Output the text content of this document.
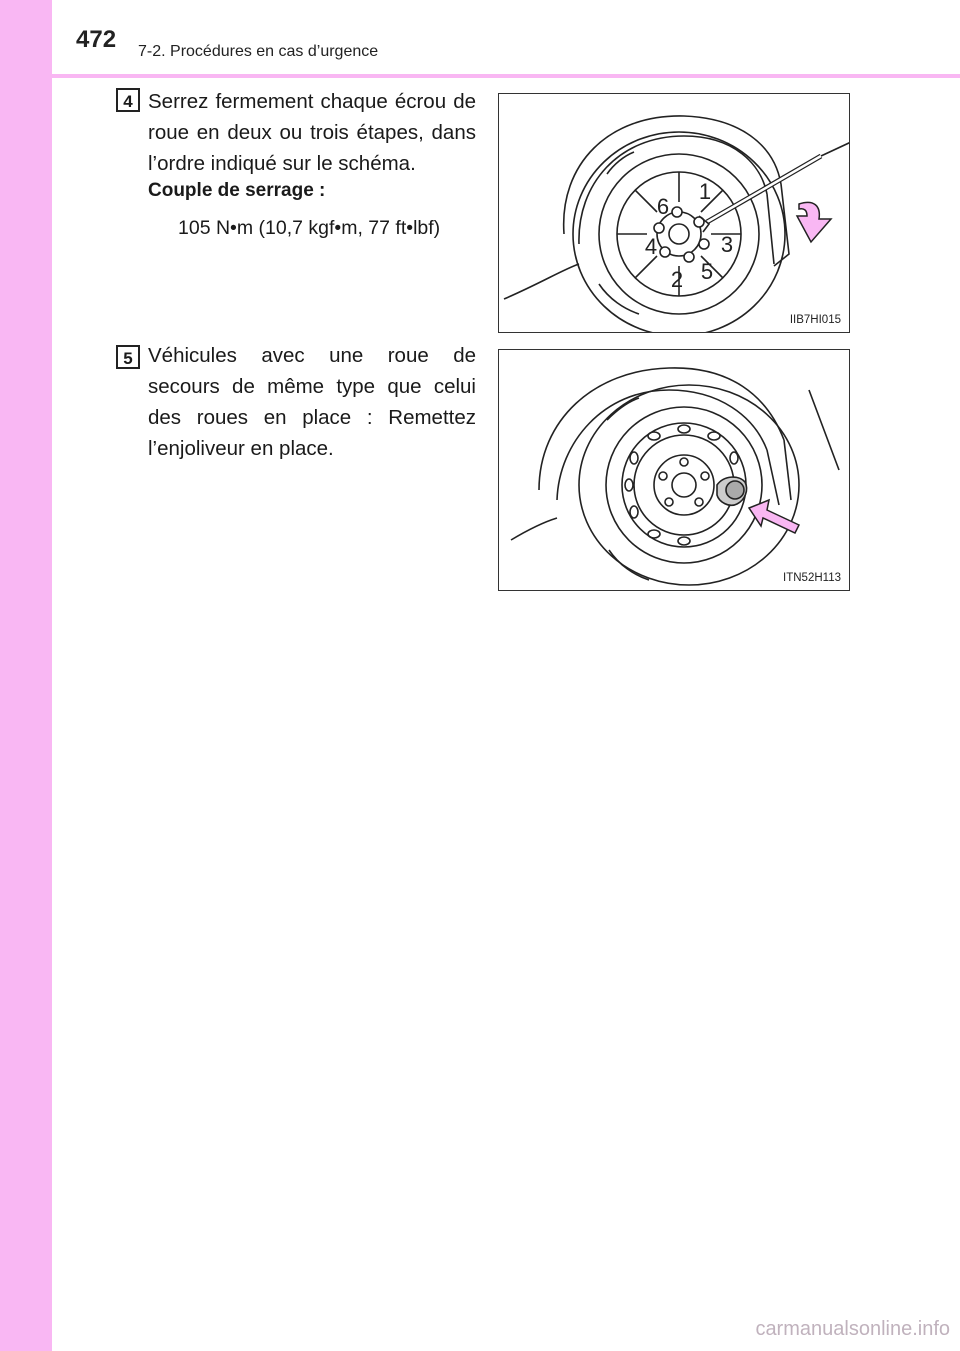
472 7-2. Procédures en cas d’urgence
4 Serrez fermement chaque écrou de roue en deux ou trois étapes, dans l’ordre indiqué sur le schéma.
Couple de serrage :
105 N•m (10,7 kgf•m, 77 ft•lbf)
1
2
3
4
5
6
IIB7HI015
5 Véhicules avec une roue de secours de même type que celui des roues en place : Remettez l’enjoliveur en place.
ITN52H113
carmanualsonline.info
